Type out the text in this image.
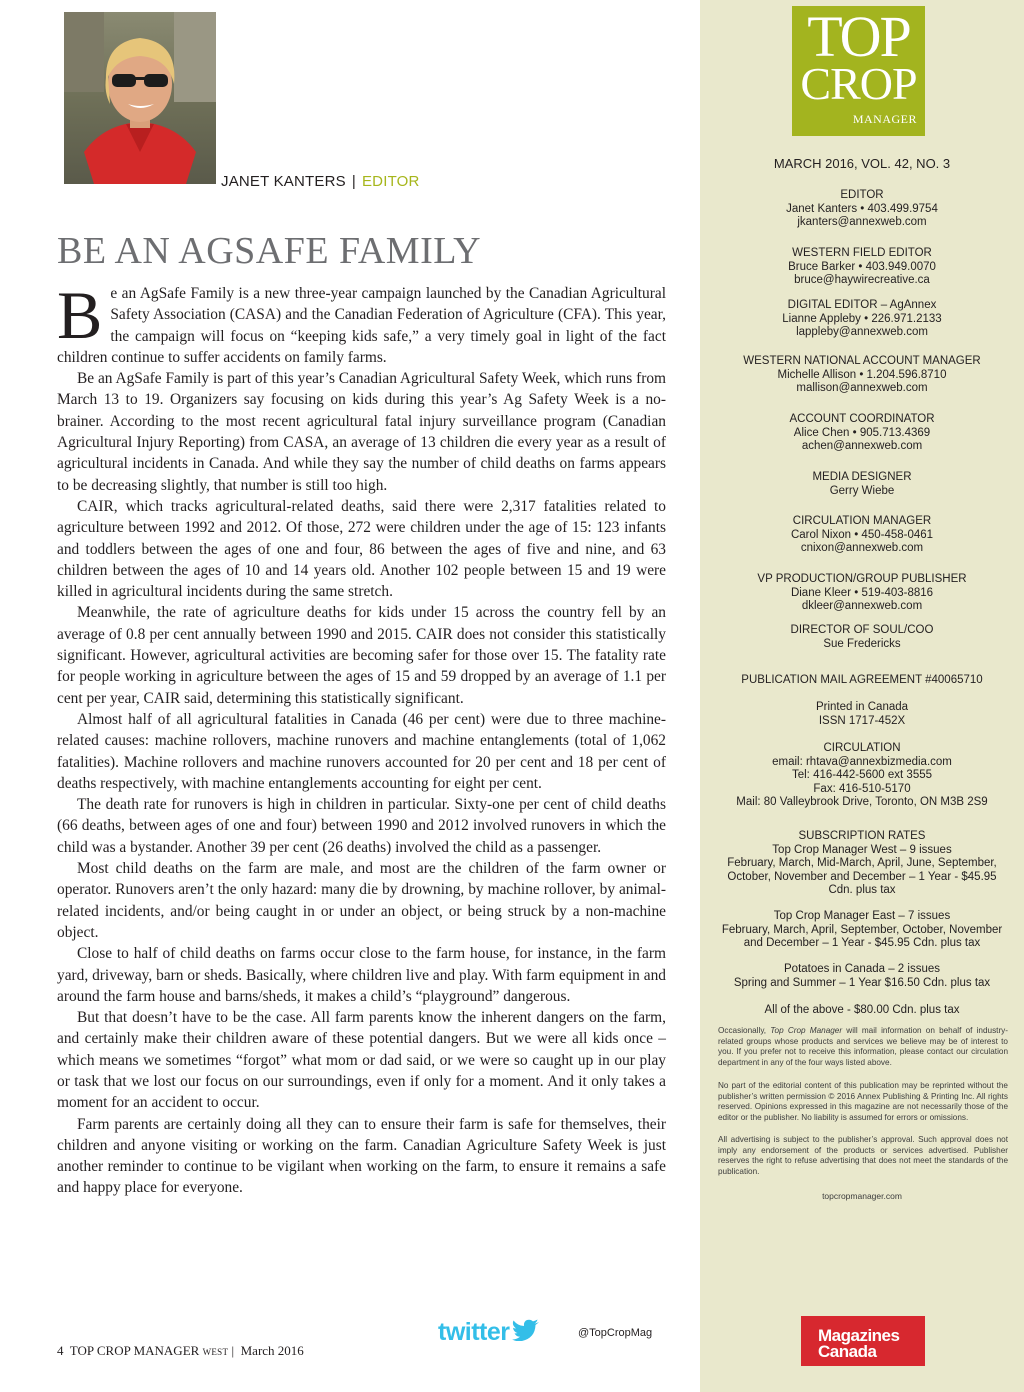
JANET KANTERS | EDITOR
BE AN AGSAFE FAMILY

Be an AgSafe Family is a new three-year campaign launched by the Canadian Agricultural Safety Association (CASA) and the Canadian Federation of Agriculture (CFA). This year, the campaign will focus on “keeping kids safe,” a very timely goal in light of the fact children continue to suffer accidents on family farms.

Be an AgSafe Family is part of this year’s Canadian Agricultural Safety Week, which runs from March 13 to 19. Organizers say focusing on kids during this year’s Ag Safety Week is a no-brainer. According to the most recent agricultural fatal injury surveillance program (Canadian Agricultural Injury Reporting) from CASA, an average of 13 children die every year as a result of agricultural incidents in Canada. And while they say the number of child deaths on farms appears to be decreasing slightly, that number is still too high.

CAIR, which tracks agricultural-related deaths, said there were 2,317 fatalities related to agriculture between 1992 and 2012. Of those, 272 were children under the age of 15: 123 infants and toddlers between the ages of one and four, 86 between the ages of five and nine, and 63 children between the ages of 10 and 14 years old. Another 102 people between 15 and 19 were killed in agricultural incidents during the same stretch.

Meanwhile, the rate of agriculture deaths for kids under 15 across the country fell by an average of 0.8 per cent annually between 1990 and 2015. CAIR does not consider this statistically significant. However, agricultural activities are becoming safer for those over 15. The fatality rate for people working in agriculture between the ages of 15 and 59 dropped by an average of 1.1 per cent per year, CAIR said, determining this statistically significant.

Almost half of all agricultural fatalities in Canada (46 per cent) were due to three machine-related causes: machine rollovers, machine runovers and machine entanglements (total of 1,062 fatalities). Machine rollovers and machine runovers accounted for 20 per cent and 18 per cent of deaths respectively, with machine entanglements accounting for eight per cent.

The death rate for runovers is high in children in particular. Sixty-one per cent of child deaths (66 deaths, between ages of one and four) between 1990 and 2012 involved runovers in which the child was a bystander. Another 39 per cent (26 deaths) involved the child as a passenger.

Most child deaths on the farm are male, and most are the children of the farm owner or operator. Runovers aren’t the only hazard: many die by drowning, by machine rollover, by animal-related incidents, and/or being caught in or under an object, or being struck by a non-machine object.

Close to half of child deaths on farms occur close to the farm house, for instance, in the farm yard, driveway, barn or sheds. Basically, where children live and play. With farm equipment in and around the farm house and barns/sheds, it makes a child’s “playground” dangerous.

But that doesn’t have to be the case. All farm parents know the inherent dangers on the farm, and certainly make their children aware of these potential dangers. But we were all kids once – which means we sometimes “forgot” what mom or dad said, or we were so caught up in our play or task that we lost our focus on our surroundings, even if only for a moment. And it only takes a moment for an accident to occur.

Farm parents are certainly doing all they can to ensure their farm is safe for themselves, their children and anyone visiting or working on the farm. Canadian Agriculture Safety Week is just another reminder to continue to be vigilant when working on the farm, to ensure it remains a safe and happy place for everyone.

twitter	@TopCropMag
4 TOP CROP MANAGER WEST | March 2016
TOP
CROP
MANAGER
MARCH 2016, VOL. 42, NO. 3
EDITOR
Janet Kanters • 403.499.9754
jkanters@annexweb.com
WESTERN FIELD EDITOR
Bruce Barker • 403.949.0070
bruce@haywirecreative.ca
DIGITAL EDITOR – AgAnnex
Lianne Appleby • 226.971.2133
lappleby@annexweb.com
WESTERN NATIONAL ACCOUNT MANAGER
Michelle Allison • 1.204.596.8710
mallison@annexweb.com
ACCOUNT COORDINATOR
Alice Chen • 905.713.4369
achen@annexweb.com
MEDIA DESIGNER
Gerry Wiebe
CIRCULATION MANAGER
Carol Nixon • 450-458-0461
cnixon@annexweb.com
VP PRODUCTION/GROUP PUBLISHER
Diane Kleer • 519-403-8816
dkleer@annexweb.com
DIRECTOR OF SOUL/COO
Sue Fredericks
PUBLICATION MAIL AGREEMENT #40065710
Printed in Canada
ISSN 1717-452X
CIRCULATION
email: rhtava@annexbizmedia.com
Tel: 416-442-5600 ext 3555
Fax: 416-510-5170
Mail: 80 Valleybrook Drive, Toronto, ON M3B 2S9
SUBSCRIPTION RATES
Top Crop Manager West – 9 issues
February, March, Mid-March, April, June, September,
October, November and December – 1 Year - $45.95
Cdn. plus tax
Top Crop Manager East – 7 issues
February, March, April, September, October, November
and December – 1 Year - $45.95 Cdn. plus tax
Potatoes in Canada – 2 issues
Spring and Summer – 1 Year $16.50 Cdn. plus tax
All of the above - $80.00 Cdn. plus tax

Occasionally, Top Crop Manager will mail information on behalf of industry-related groups whose products and services we believe may be of interest to you. If you prefer not to receive this information, please contact our circulation department in any of the four ways listed above.

No part of the editorial content of this publication may be reprinted without the publisher’s written permission © 2016 Annex Publishing & Printing Inc. All rights reserved. Opinions expressed in this magazine are not necessarily those of the editor or the publisher. No liability is assumed for errors or omissions.

All advertising is subject to the publisher’s approval. Such approval does not imply any endorsement of the products or services advertised. Publisher reserves the right to refuse advertising that does not meet the standards of the publication.

topcropmanager.com
Magazines
Canada
